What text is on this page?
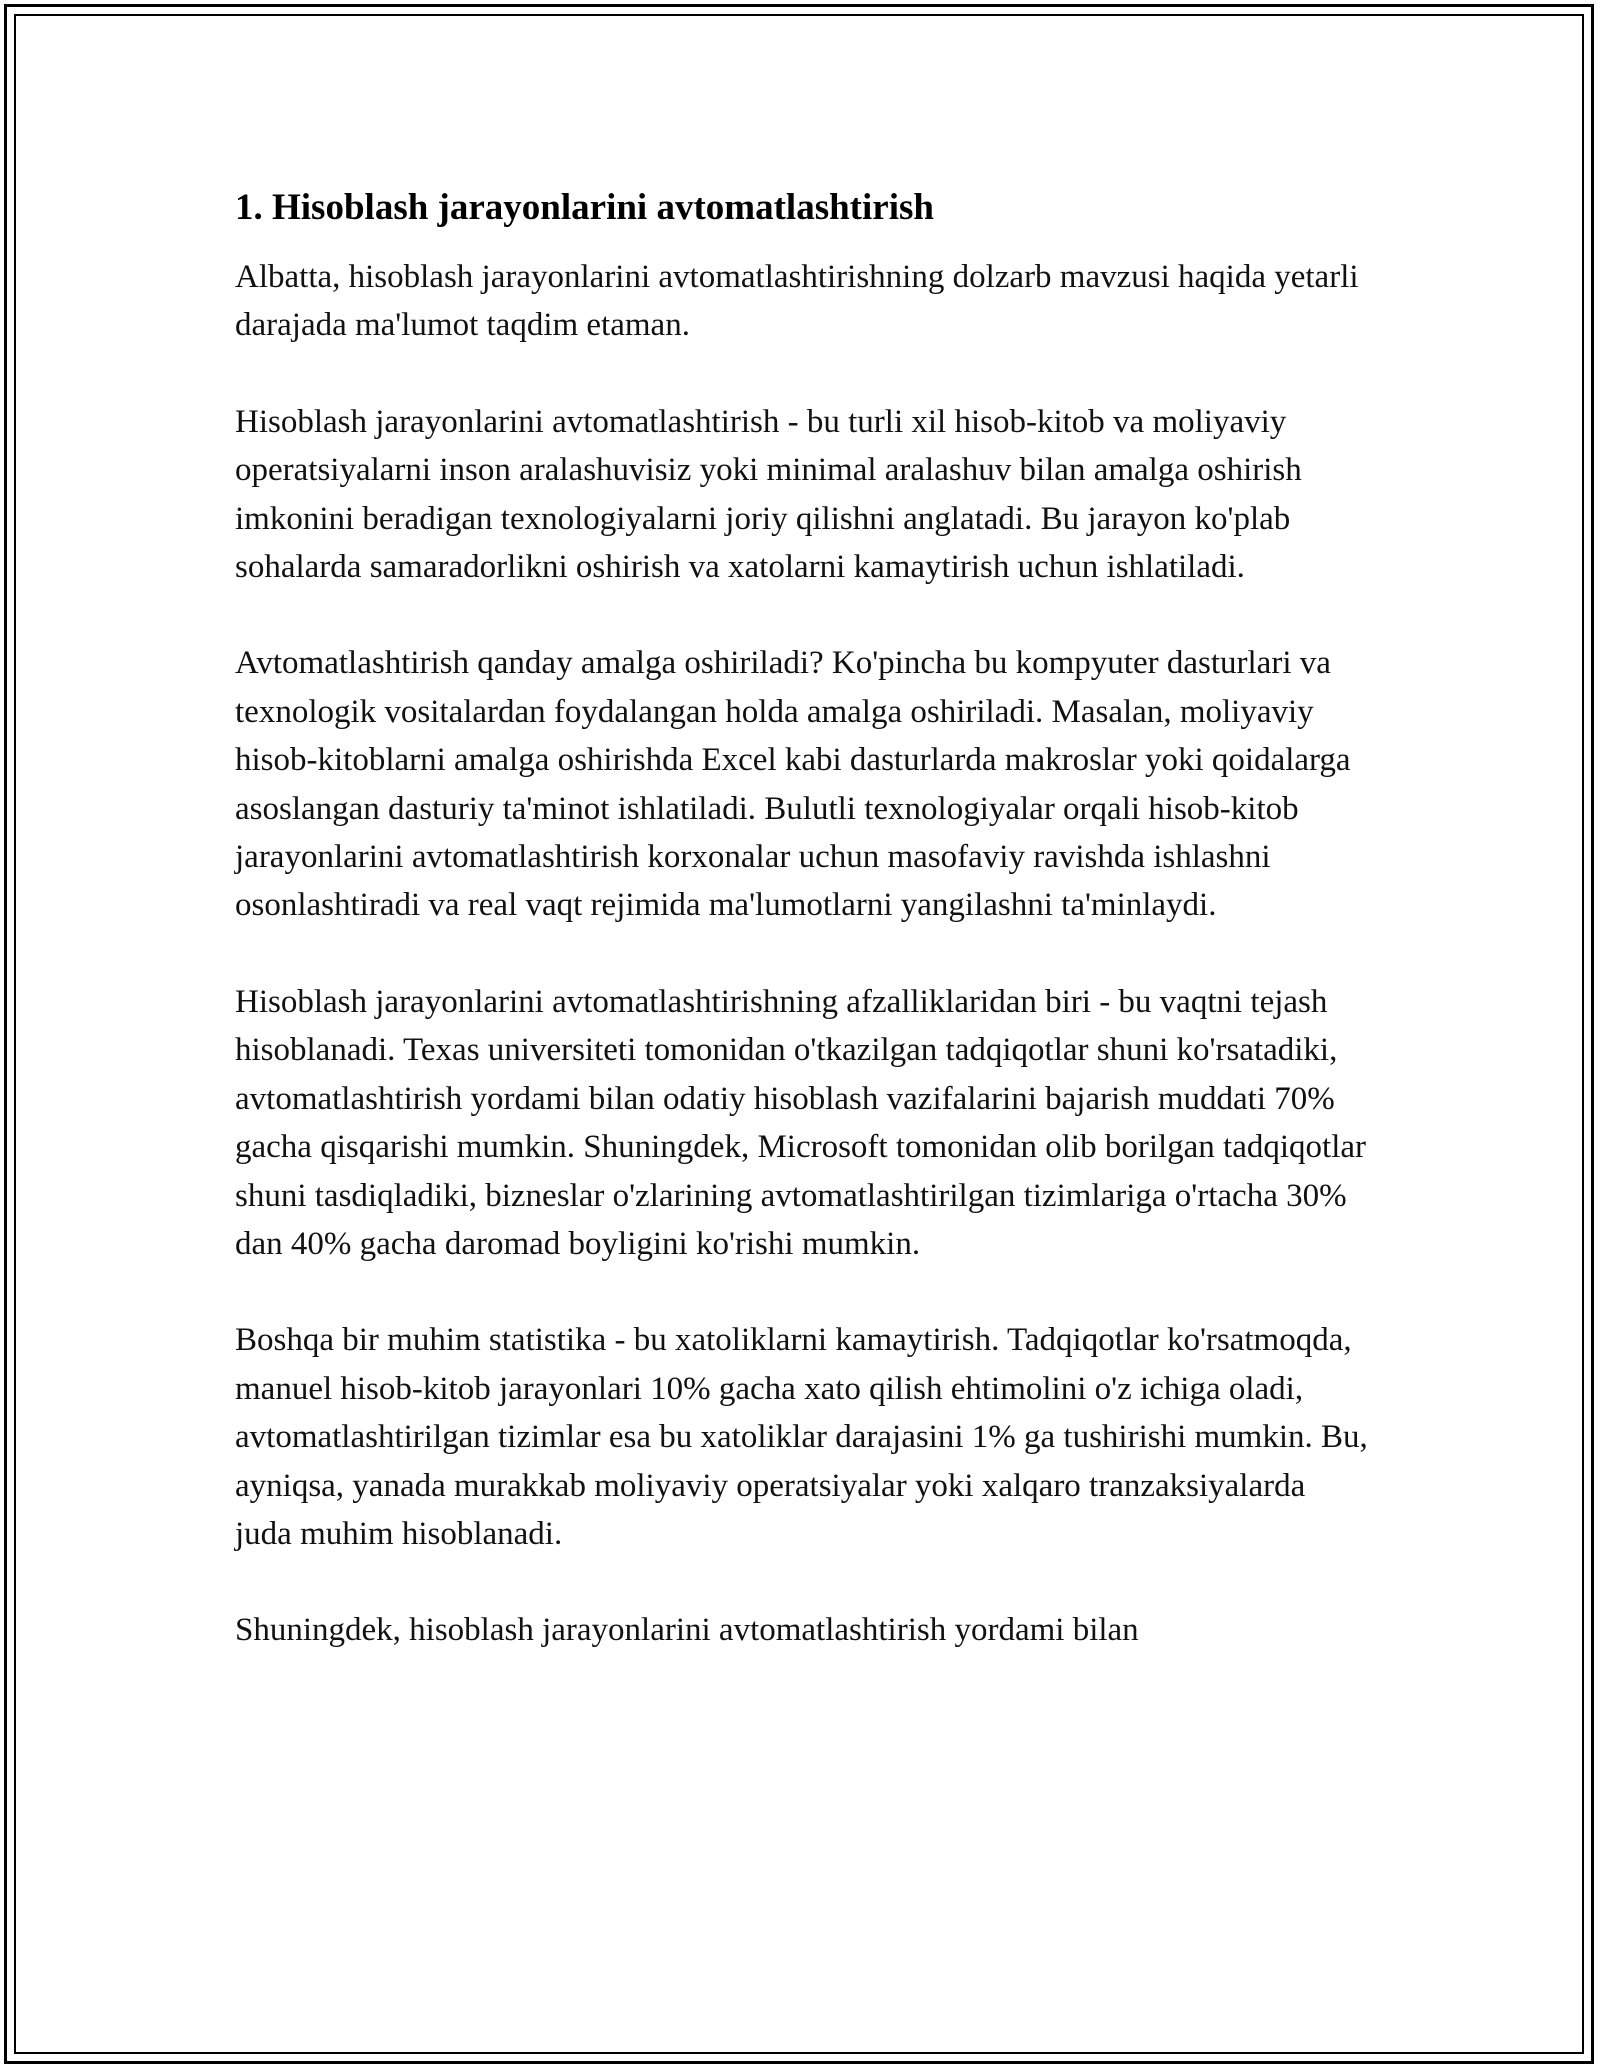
1. Hisoblash jarayonlarini avtomatlashtirish

Albatta, hisoblash jarayonlarini avtomatlashtirishning dolzarb mavzusi haqida yetarli darajada ma'lumot taqdim etaman.

Hisoblash jarayonlarini avtomatlashtirish - bu turli xil hisob-kitob va moliyaviy operatsiyalarni inson aralashuvisiz yoki minimal aralashuv bilan amalga oshirish imkonini beradigan texnologiyalarni joriy qilishni anglatadi. Bu jarayon ko'plab sohalarda samaradorlikni oshirish va xatolarni kamaytirish uchun ishlatiladi.

Avtomatlashtirish qanday amalga oshiriladi? Ko'pincha bu kompyuter dasturlari va texnologik vositalardan foydalangan holda amalga oshiriladi. Masalan, moliyaviy hisob-kitoblarni amalga oshirishda Excel kabi dasturlarda makroslar yoki qoidalarga asoslangan dasturiy ta'minot ishlatiladi. Bulutli texnologiyalar orqali hisob-kitob jarayonlarini avtomatlashtirish korxonalar uchun masofaviy ravishda ishlashni osonlashtiradi va real vaqt rejimida ma'lumotlarni yangilashni ta'minlaydi.

Hisoblash jarayonlarini avtomatlashtirishning afzalliklaridan biri - bu vaqtni tejash hisoblanadi. Texas universiteti tomonidan o'tkazilgan tadqiqotlar shuni ko'rsatadiki, avtomatlashtirish yordami bilan odatiy hisoblash vazifalarini bajarish muddati 70% gacha qisqarishi mumkin. Shuningdek, Microsoft tomonidan olib borilgan tadqiqotlar shuni tasdiqladiki, bizneslar o'zlarining avtomatlashtirilgan tizimlariga o'rtacha 30% dan 40% gacha daromad boyligini ko'rishi mumkin.

Boshqa bir muhim statistika - bu xatoliklarni kamaytirish. Tadqiqotlar ko'rsatmoqda, manuel hisob-kitob jarayonlari 10% gacha xato qilish ehtimolini o'z ichiga oladi, avtomatlashtirilgan tizimlar esa bu xatoliklar darajasini 1% ga tushirishi mumkin. Bu, ayniqsa, yanada murakkab moliyaviy operatsiyalar yoki xalqaro tranzaksiyalarda juda muhim hisoblanadi.

Shuningdek, hisoblash jarayonlarini avtomatlashtirish yordami bilan
